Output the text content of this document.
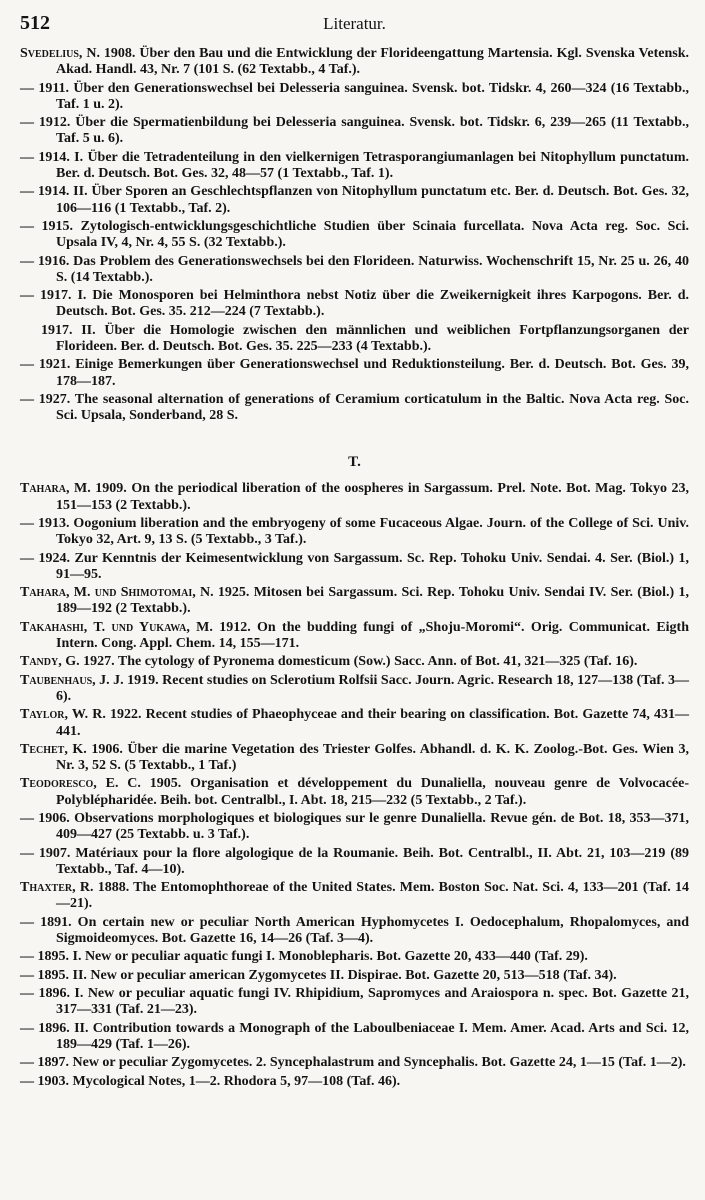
512	Literatur.
Svedelius, N. 1908. Über den Bau und die Entwicklung der Florideengattung Martensia. Kgl. Svenska Vetensk. Akad. Handl. 43, Nr. 7 (101 S. (62 Textabb., 4 Taf.).
— 1911. Über den Generationswechsel bei Delesseria sanguinea. Svensk. bot. Tidskr. 4, 260—324 (16 Textabb., Taf. 1 u. 2).
— 1912. Über die Spermatienbildung bei Delesseria sanguinea. Svensk. bot. Tidskr. 6, 239—265 (11 Textabb., Taf. 5 u. 6).
— 1914. I. Über die Tetradenteilung in den vielkernigen Tetrasporangiumanlagen bei Nitophyllum punctatum. Ber. d. Deutsch. Bot. Ges. 32, 48—57 (1 Textabb., Taf. 1).
— 1914. II. Über Sporen an Geschlechtspflanzen von Nitophyllum punctatum etc. Ber. d. Deutsch. Bot. Ges. 32, 106—116 (1 Textabb., Taf. 2).
— 1915. Zytologisch-entwicklungsgeschichtliche Studien über Scinaia furcellata. Nova Acta reg. Soc. Sci. Upsala IV, 4, Nr. 4, 55 S. (32 Textabb.).
— 1916. Das Problem des Generationswechsels bei den Florideen. Naturwiss. Wochenschrift 15, Nr. 25 u. 26, 40 S. (14 Textabb.).
— 1917. I. Die Monosporen bei Helminthora nebst Notiz über die Zweikernigkeit ihres Karpogons. Ber. d. Deutsch. Bot. Ges. 35. 212—224 (7 Textabb.).
1917. II. Über die Homologie zwischen den männlichen und weiblichen Fortpflanzungsorganen der Florideen. Ber. d. Deutsch. Bot. Ges. 35. 225—233 (4 Textabb.).
— 1921. Einige Bemerkungen über Generationswechsel und Reduktionsteilung. Ber. d. Deutsch. Bot. Ges. 39, 178—187.
— 1927. The seasonal alternation of generations of Ceramium corticatulum in the Baltic. Nova Acta reg. Soc. Sci. Upsala, Sonderband, 28 S.
T.
Tahara, M. 1909. On the periodical liberation of the oospheres in Sargassum. Prel. Note. Bot. Mag. Tokyo 23, 151—153 (2 Textabb.).
— 1913. Oogonium liberation and the embryogeny of some Fucaceous Algae. Journ. of the College of Sci. Univ. Tokyo 32, Art. 9, 13 S. (5 Textabb., 3 Taf.).
— 1924. Zur Kenntnis der Keimesentwicklung von Sargassum. Sc. Rep. Tohoku Univ. Sendai. 4. Ser. (Biol.) 1, 91—95.
Tahara, M. und Shimotomai, N. 1925. Mitosen bei Sargassum. Sci. Rep. Tohoku Univ. Sendai IV. Ser. (Biol.) 1, 189—192 (2 Textabb.).
Takahashi, T. und Yukawa, M. 1912. On the budding fungi of „Shoju-Moromi“. Orig. Communicat. Eigth Intern. Cong. Appl. Chem. 14, 155—171.
Tandy, G. 1927. The cytology of Pyronema domesticum (Sow.) Sacc. Ann. of Bot. 41, 321—325 (Taf. 16).
Taubenhaus, J. J. 1919. Recent studies on Sclerotium Rolfsii Sacc. Journ. Agric. Research 18, 127—138 (Taf. 3—6).
Taylor, W. R. 1922. Recent studies of Phaeophyceae and their bearing on classification. Bot. Gazette 74, 431—441.
Techet, K. 1906. Über die marine Vegetation des Triester Golfes. Abhandl. d. K. K. Zoolog.-Bot. Ges. Wien 3, Nr. 3, 52 S. (5 Textabb., 1 Taf.)
Teodoresco, E. C. 1905. Organisation et développement du Dunaliella, nouveau genre de Volvocacée-Polyblépharidée. Beih. bot. Centralbl., I. Abt. 18, 215—232 (5 Textabb., 2 Taf.).
— 1906. Observations morphologiques et biologiques sur le genre Dunaliella. Revue gén. de Bot. 18, 353—371, 409—427 (25 Textabb. u. 3 Taf.).
— 1907. Matériaux pour la flore algologique de la Roumanie. Beih. Bot. Centralbl., II. Abt. 21, 103—219 (89 Textabb., Taf. 4—10).
Thaxter, R. 1888. The Entomophthoreae of the United States. Mem. Boston Soc. Nat. Sci. 4, 133—201 (Taf. 14—21).
— 1891. On certain new or peculiar North American Hyphomycetes I. Oedocephalum, Rhopalomyces, and Sigmoideomyces. Bot. Gazette 16, 14—26 (Taf. 3—4).
— 1895. I. New or peculiar aquatic fungi I. Monoblepharis. Bot. Gazette 20, 433—440 (Taf. 29).
— 1895. II. New or peculiar american Zygomycetes II. Dispirae. Bot. Gazette 20, 513—518 (Taf. 34).
— 1896. I. New or peculiar aquatic fungi IV. Rhipidium, Sapromyces and Araiospora n. spec. Bot. Gazette 21, 317—331 (Taf. 21—23).
— 1896. II. Contribution towards a Monograph of the Laboulbeniaceae I. Mem. Amer. Acad. Arts and Sci. 12, 189—429 (Taf. 1—26).
— 1897. New or peculiar Zygomycetes. 2. Syncephalastrum and Syncephalis. Bot. Gazette 24, 1—15 (Taf. 1—2).
— 1903. Mycological Notes, 1—2. Rhodora 5, 97—108 (Taf. 46).
